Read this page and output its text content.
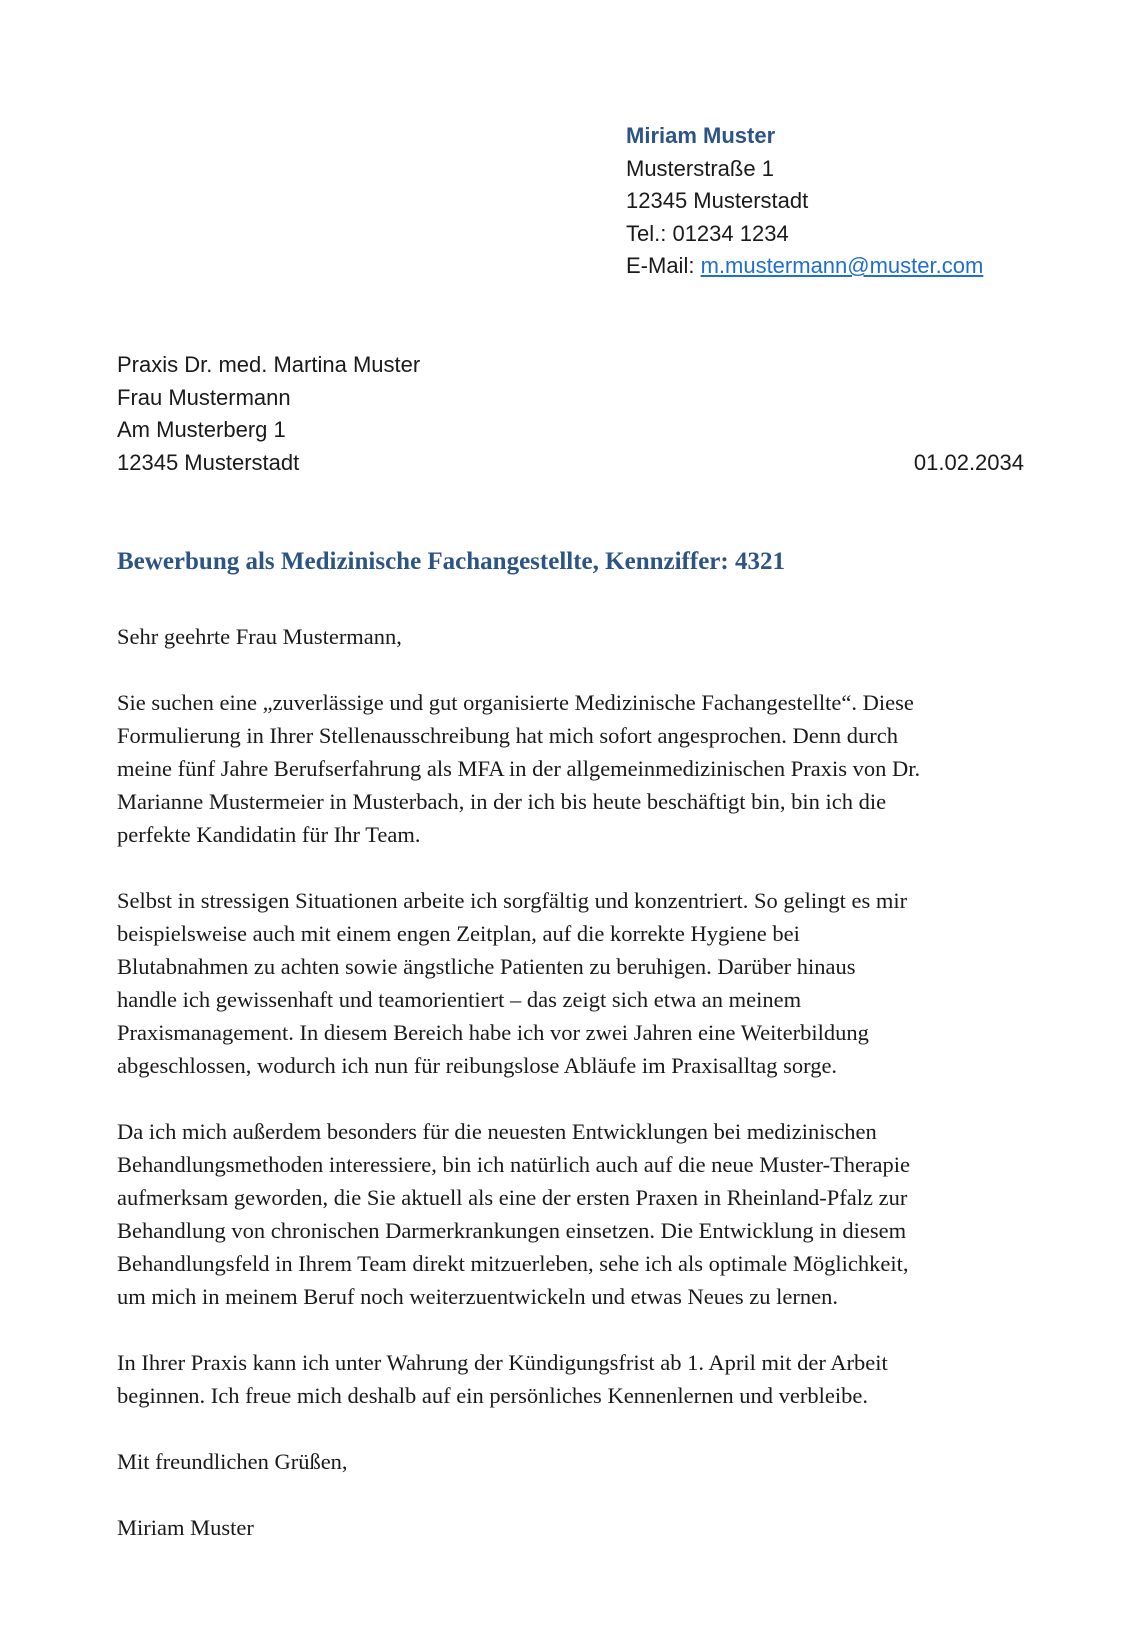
Miriam Muster
Musterstraße 1
12345 Musterstadt
Tel.: 01234 1234
E-Mail: m.mustermann@muster.com
Praxis Dr. med. Martina Muster
Frau Mustermann
Am Musterberg 1
12345 Musterstadt	01.02.2034
Bewerbung als Medizinische Fachangestellte, Kennziffer: 4321

Sehr geehrte Frau Mustermann,

Sie suchen eine „zuverlässige und gut organisierte Medizinische Fachangestellte“. Diese
Formulierung in Ihrer Stellenausschreibung hat mich sofort angesprochen. Denn durch
meine fünf Jahre Berufserfahrung als MFA in der allgemeinmedizinischen Praxis von Dr.
Marianne Mustermeier in Musterbach, in der ich bis heute beschäftigt bin, bin ich die
perfekte Kandidatin für Ihr Team.

Selbst in stressigen Situationen arbeite ich sorgfältig und konzentriert. So gelingt es mir
beispielsweise auch mit einem engen Zeitplan, auf die korrekte Hygiene bei
Blutabnahmen zu achten sowie ängstliche Patienten zu beruhigen. Darüber hinaus
handle ich gewissenhaft und teamorientiert – das zeigt sich etwa an meinem
Praxismanagement. In diesem Bereich habe ich vor zwei Jahren eine Weiterbildung
abgeschlossen, wodurch ich nun für reibungslose Abläufe im Praxisalltag sorge.

Da ich mich außerdem besonders für die neuesten Entwicklungen bei medizinischen
Behandlungsmethoden interessiere, bin ich natürlich auch auf die neue Muster-Therapie
aufmerksam geworden, die Sie aktuell als eine der ersten Praxen in Rheinland-Pfalz zur
Behandlung von chronischen Darmerkrankungen einsetzen. Die Entwicklung in diesem
Behandlungsfeld in Ihrem Team direkt mitzuerleben, sehe ich als optimale Möglichkeit,
um mich in meinem Beruf noch weiterzuentwickeln und etwas Neues zu lernen.

In Ihrer Praxis kann ich unter Wahrung der Kündigungsfrist ab 1. April mit der Arbeit
beginnen. Ich freue mich deshalb auf ein persönliches Kennenlernen und verbleibe.

Mit freundlichen Grüßen,

Miriam Muster
